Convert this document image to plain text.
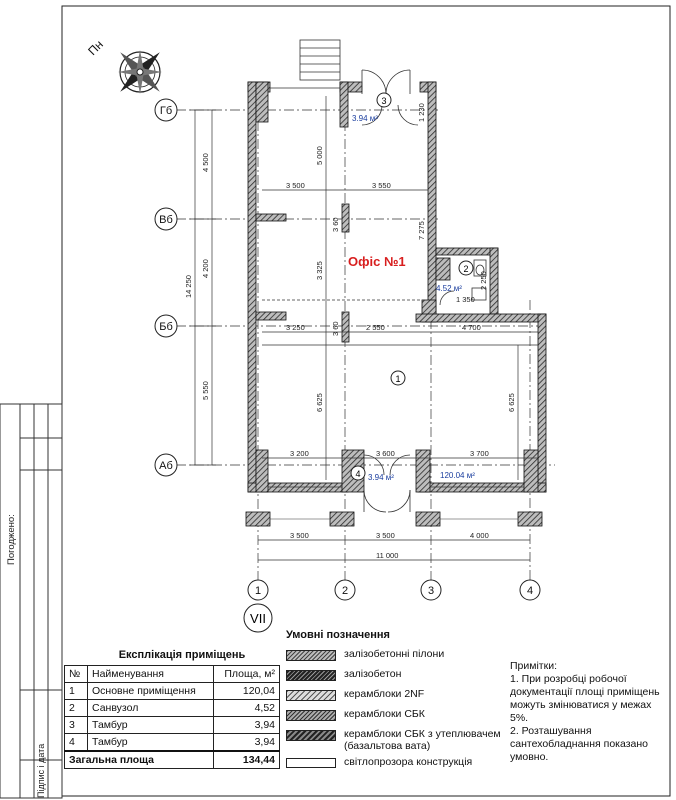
Погоджено:
Підпис і дата
Пн
Гб
Вб
Бб
Аб
1	2	3	4
VII
Офіс №1
1
2
3
4
3.94 м²
4.52 м²
3.94 м²	120.04 м²
4 500
4 200
5 550
14 250
5 000
3 325
6 625	6 625
7 275
3 60
3 60
2 250
1 230
3 500	3 550
3 250	2 550	4 700
3 200	3 600	3 700
3 500	3 500	4 000
1 350
11 000
Експлікація приміщень
№	Найменування	Площа, м²
1	Основне приміщення	120,04
2	Санвузол	4,52
3	Тамбур	3,94
4	Тамбур	3,94
Загальна площа		134,44
Умовні позначення
залізобетонні пілони
залізобетон
керамблоки 2NF
керамблоки СБК
керамблоки СБК з утеплювачем (базальтова вата)
світлопрозора конструкція
Примітки:
1. При розробці робочої документації площі приміщень можуть змінюватися у межах 5%.
2. Розташування сантехобладнання показано умовно.
